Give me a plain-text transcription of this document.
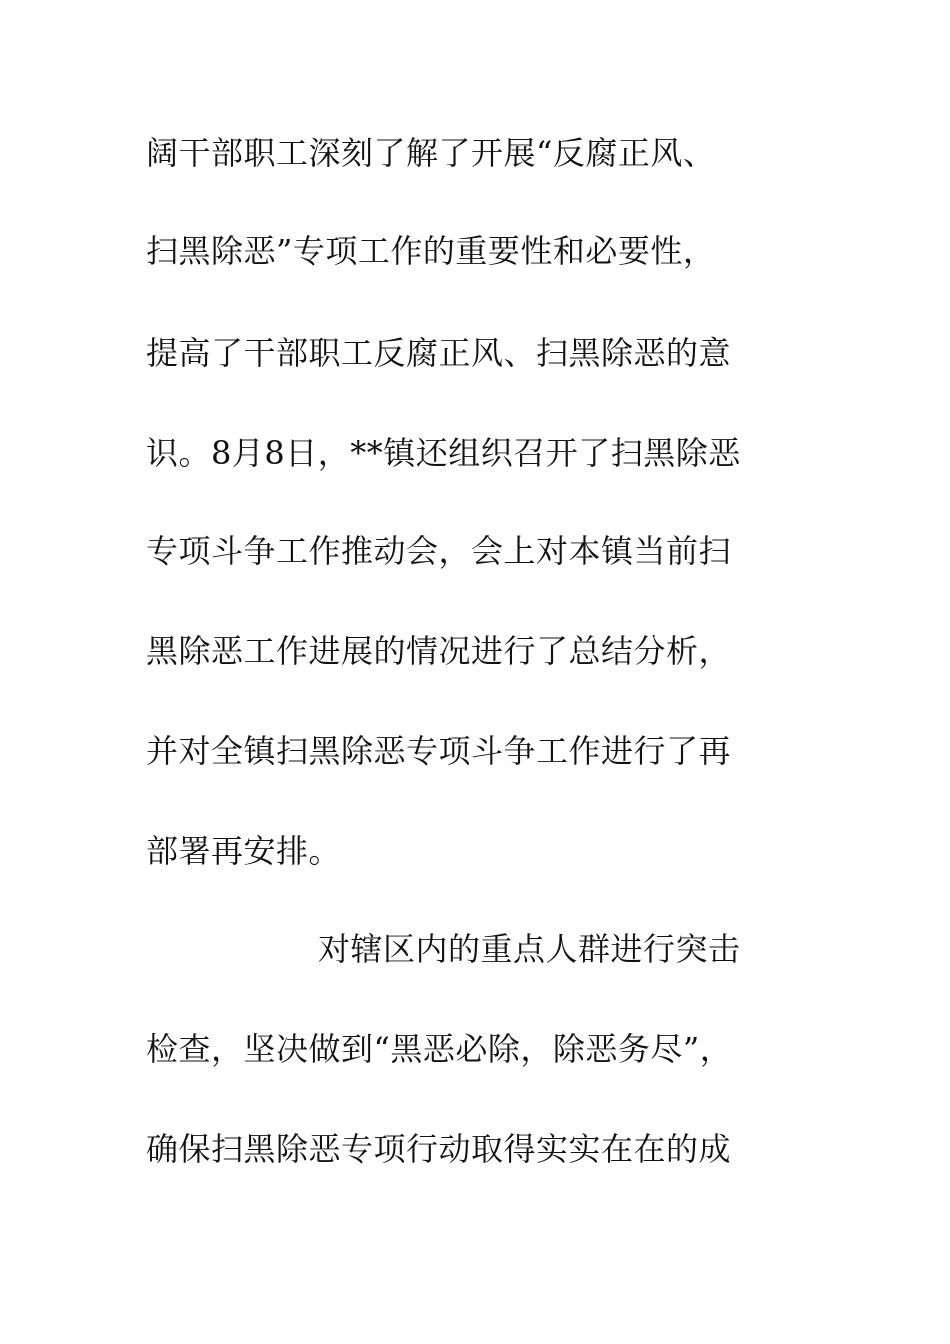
阔干部职工深刻了解了开展“反腐正风、
扫黑除恶”专项工作的重要性和必要性，
提高了干部职工反腐正风、扫黑除恶的意
识。8月8日，**镇还组织召开了扫黑除恶
专项斗争工作推动会，会上对本镇当前扫
黑除恶工作进展的情况进行了总结分析，
并对全镇扫黑除恶专项斗争工作进行了再
部署再安排。
对辖区内的重点人群进行突击
检查，坚决做到“黑恶必除，除恶务尽”，
确保扫黑除恶专项行动取得实实在在的成
